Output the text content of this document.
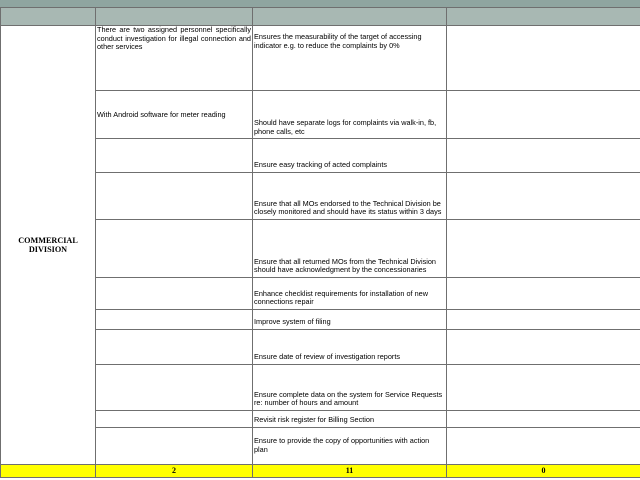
COMMERCIAL DIVISION	There are two assigned personnel specifically conduct investigation for illegal connection and other services	Ensures the measurability of the target of accessing indicator e.g. to reduce the complaints by 0%	
	With Android software for meter reading	Should have separate logs for complaints via walk-in, fb, phone calls, etc	
		Ensure easy tracking of acted complaints	
		Ensure that all MOs endorsed to the Technical Division be closely monitored and should have its status within 3 days	
		Ensure that all returned MOs from the Technical Division should have acknowledgment by the concessionaries	
		Enhance checklist requirements for installation of new connections repair	
		Improve system of filing	
		Ensure date of review of investigation reports	
		Ensure complete data on the system for Service Requests re: number of hours and amount	
		Revisit risk register for Billing Section	
		Ensure to provide the copy of opportunities with action plan	
	2	11	0
